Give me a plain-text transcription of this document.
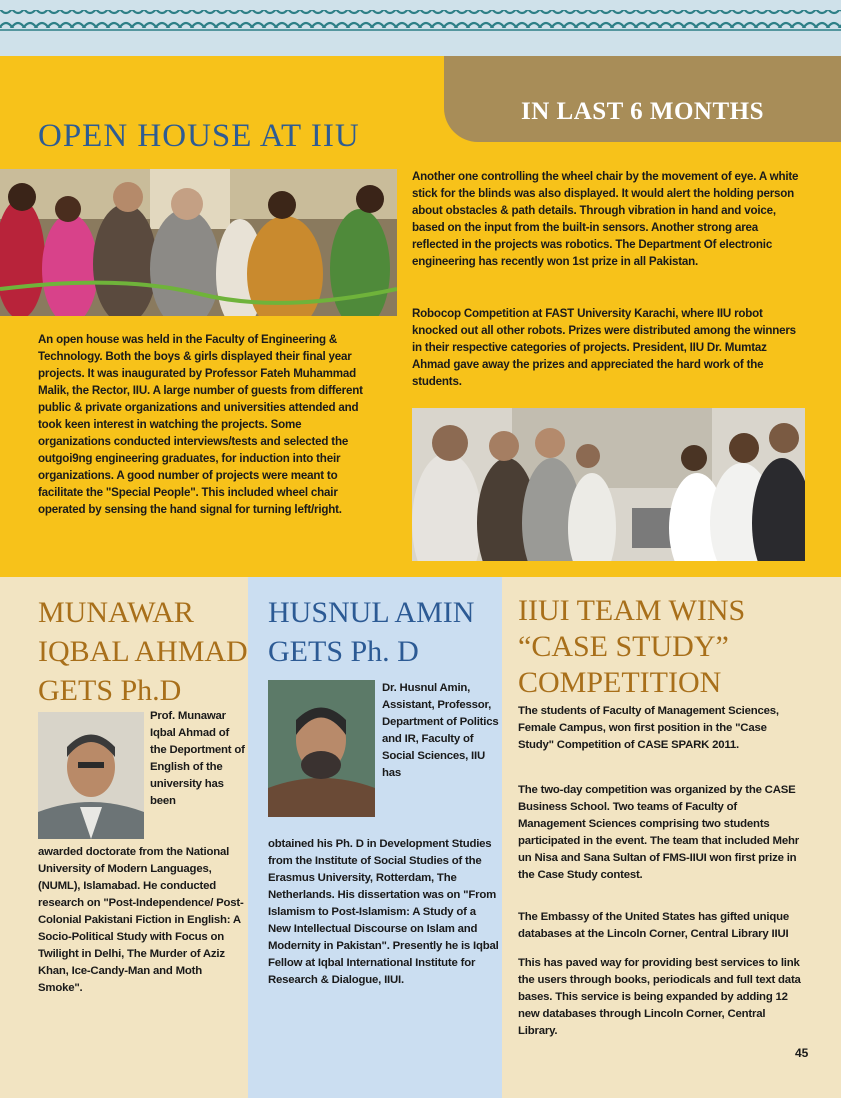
IN LAST 6 MONTHS
OPEN HOUSE AT IIU

An open house was held in the Faculty of Engineering & Technology. Both the boys & girls displayed their final year projects. It was inaugurated by Professor Fateh Muhammad Malik, the Rector, IIU. A large number of guests from different public & private organizations and universities attended and took keen interest in watching the projects. Some organizations conducted interviews/tests and selected the outgoi9ng engineering graduates, for induction into their organizations. A good number of projects were meant to facilitate the "Special People". This included wheel chair operated by sensing the hand signal for turning left/right.

Another one controlling the wheel chair by the movement of eye. A white stick for the blinds was also displayed. It would alert the holding person about obstacles & path details. Through vibration in hand and voice, based on the input from the built-in sensors. Another strong area reflected in the projects was robotics. The Department Of electronic engineering has recently won 1st prize in all Pakistan.

Robocop Competition at FAST University Karachi, where IIU robot knocked out all other robots. Prizes were distributed among the winners in their respective categories of projects. President, IIU Dr. Mumtaz Ahmad gave away the prizes and appreciated the hard work of the students.

MUNAWAR IQBAL AHMAD GETS Ph.D

Prof. Munawar Iqbal Ahmad of the Deportment of English of the university has been

awarded doctorate from the National University of Modern Languages, (NUML), Islamabad. He conducted research on "Post-Independence/ Post-Colonial Pakistani Fiction in English: A Socio-Political Study with Focus on Twilight in Delhi, The Murder of Aziz Khan, Ice-Candy-Man and Moth Smoke".

HUSNUL AMIN GETS Ph. D

Dr. Husnul Amin, Assistant, Professor, Department of Politics and IR, Faculty of Social Sciences, IIU has

obtained his Ph. D in Development Studies from the Institute of Social Studies of the Erasmus University, Rotterdam, The Netherlands. His dissertation was on "From Islamism to Post-Islamism: A Study of a New Intellectual Discourse on Islam and Modernity in Pakistan". Presently he is Iqbal Fellow at Iqbal International Institute for Research & Dialogue, IIUI.

IIUI TEAM WINS “CASE STUDY” COMPETITION

The students of Faculty of Management Sciences, Female Campus, won first position in the "Case Study" Competition of CASE SPARK 2011.

The two-day competition was organized by the CASE Business School. Two teams of Faculty of Management Sciences comprising two students participated in the event. The team that included Mehr un Nisa and Sana Sultan of FMS-IIUI won first prize in the Case Study contest.

The Embassy of the United States has gifted unique databases at the Lincoln Corner, Central Library IIUI

This has paved way for providing best services to link the users through books, periodicals and full text data bases. This service is being expanded by adding 12 new databases through Lincoln Corner, Central Library.

45
